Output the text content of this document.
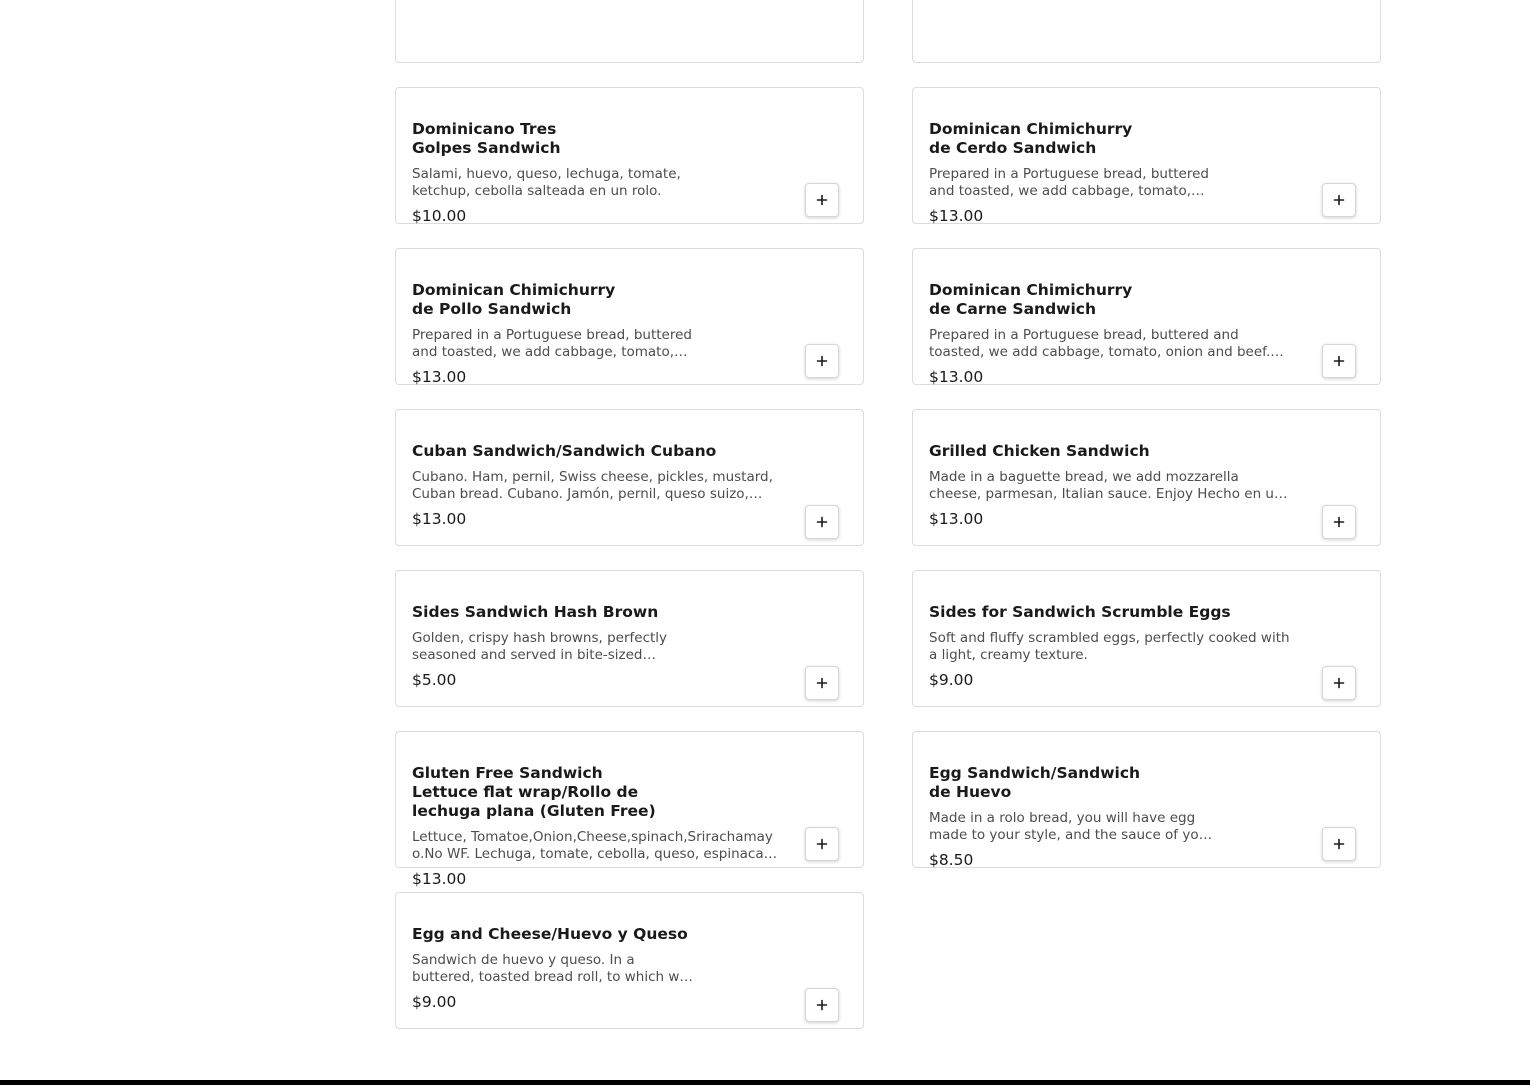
Dominicano Tres
Golpes Sandwich
Salami, huevo, queso, lechuga, tomate,
ketchup, cebolla salteada en un rolo.
$10.00
Dominican Chimichurry
de Cerdo Sandwich
Prepared in a Portuguese bread, buttered
and toasted, we add cabbage, tomato,…
$13.00
Dominican Chimichurry
de Pollo Sandwich
Prepared in a Portuguese bread, buttered
and toasted, we add cabbage, tomato,…
$13.00
Dominican Chimichurry
de Carne Sandwich
Prepared in a Portuguese bread, buttered and
toasted, we add cabbage, tomato, onion and beef.…
$13.00
Cuban Sandwich/Sandwich Cubano
Cubano. Ham, pernil, Swiss cheese, pickles, mustard,
Cuban bread. Cubano. Jamón, pernil, queso suizo,…
$13.00
Grilled Chicken Sandwich
Made in a baguette bread, we add mozzarella
cheese, parmesan, Italian sauce. Enjoy Hecho en u…
$13.00
Sides Sandwich Hash Brown
Golden, crispy hash browns, perfectly
seasoned and served in bite-sized…
$5.00
Sides for Sandwich Scrumble Eggs
Soft and fluffy scrambled eggs, perfectly cooked with
a light, creamy texture.
$9.00
Gluten Free Sandwich
Lettuce flat wrap/Rollo de
lechuga plana (Gluten Free)
Lettuce, Tomatoe,Onion,Cheese,spinach,Srirachamay
o.No WF. Lechuga, tomate, cebolla, queso, espinaca…
$13.00
Egg Sandwich/Sandwich
de Huevo
Made in a rolo bread, you will have egg
made to your style, and the sauce of yo…
$8.50
Egg and Cheese/Huevo y Queso
Sandwich de huevo y queso. In a
buttered, toasted bread roll, to which w…
$9.00
